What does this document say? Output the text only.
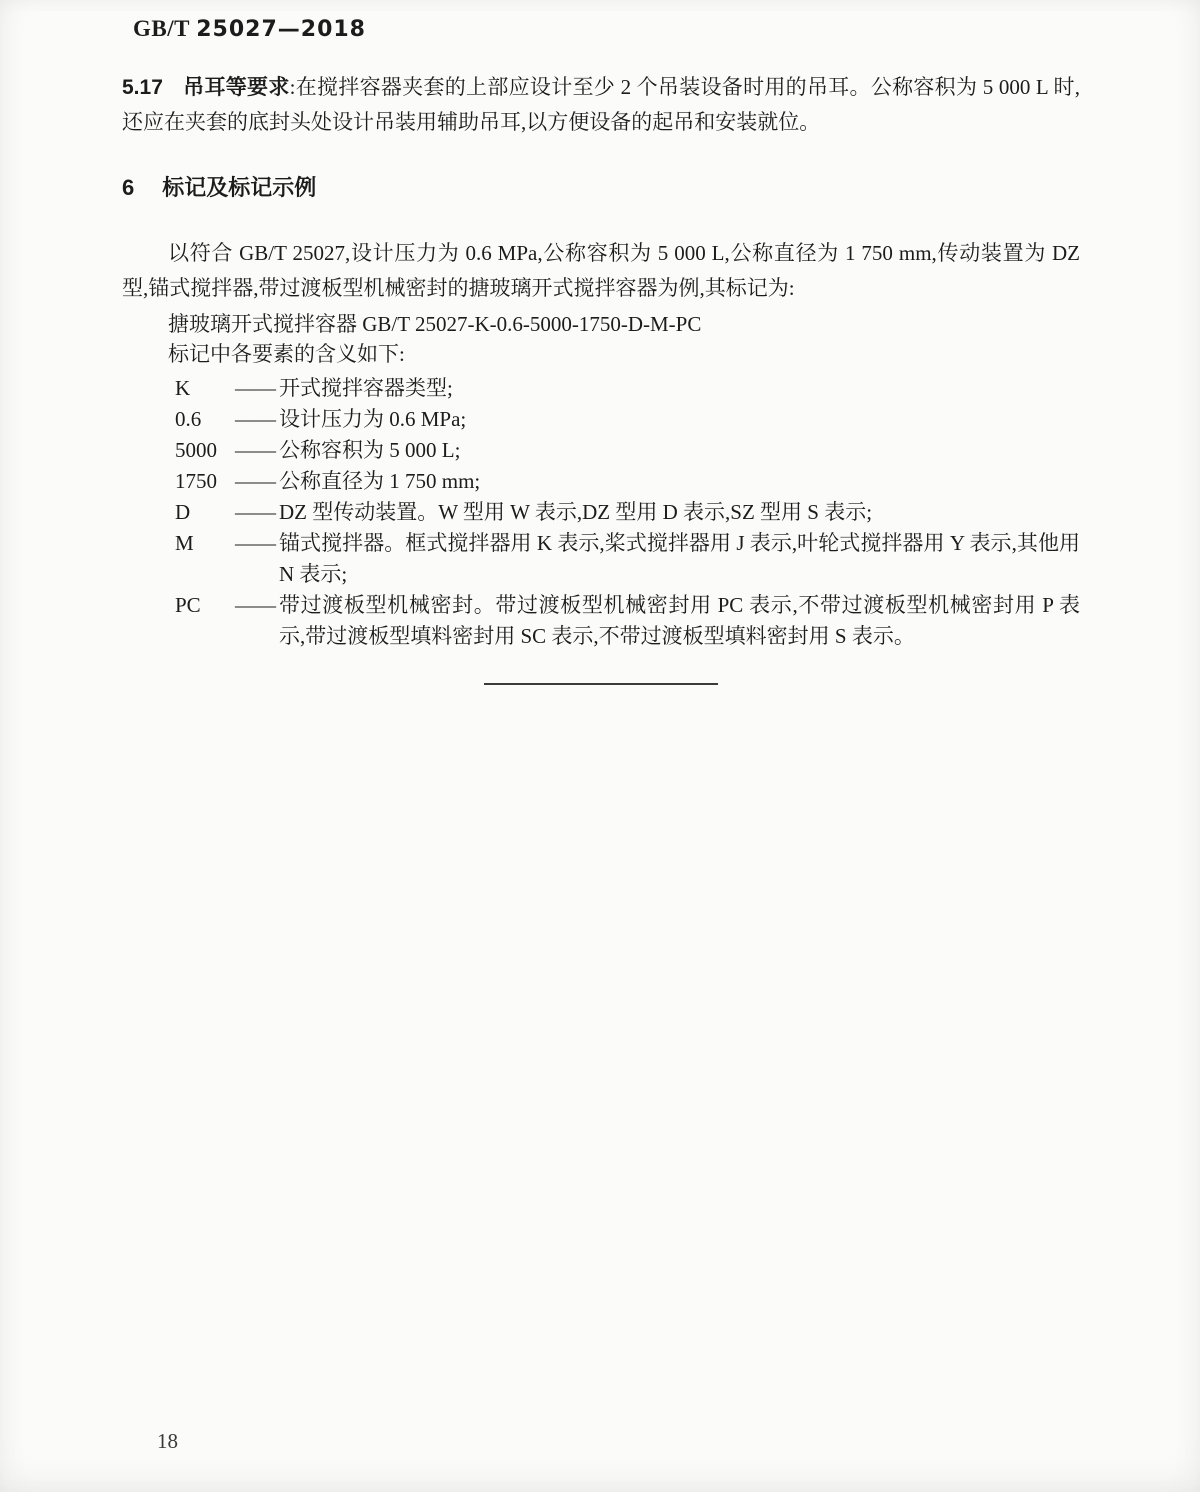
GB/T 25027—2018

5.17 吊耳等要求:在搅拌容器夹套的上部应设计至少 2 个吊装设备时用的吊耳。公称容积为 5 000 L 时,还应在夹套的底封头处设计吊装用辅助吊耳,以方便设备的起吊和安装就位。

6 标记及标记示例

以符合 GB/T 25027,设计压力为 0.6 MPa,公称容积为 5 000 L,公称直径为 1 750 mm,传动装置为 DZ 型,锚式搅拌器,带过渡板型机械密封的搪玻璃开式搅拌容器为例,其标记为:

搪玻璃开式搅拌容器 GB/T 25027-K-0.6-5000-1750-D-M-PC

标记中各要素的含义如下:

K	—— 开式搅拌容器类型;
0.6	—— 设计压力为 0.6 MPa;
5000 —— 公称容积为 5 000 L;
1750 —— 公称直径为 1 750 mm;
D	—— DZ 型传动装置。W 型用 W 表示,DZ 型用 D 表示,SZ 型用 S 表示;
M	—— 锚式搅拌器。框式搅拌器用 K 表示,桨式搅拌器用 J 表示,叶轮式搅拌器用 Y 表示,其他用 N 表示;
PC	—— 带过渡板型机械密封。带过渡板型机械密封用 PC 表示,不带过渡板型机械密封用 P 表示,带过渡板型填料密封用 SC 表示,不带过渡板型填料密封用 S 表示。
18
